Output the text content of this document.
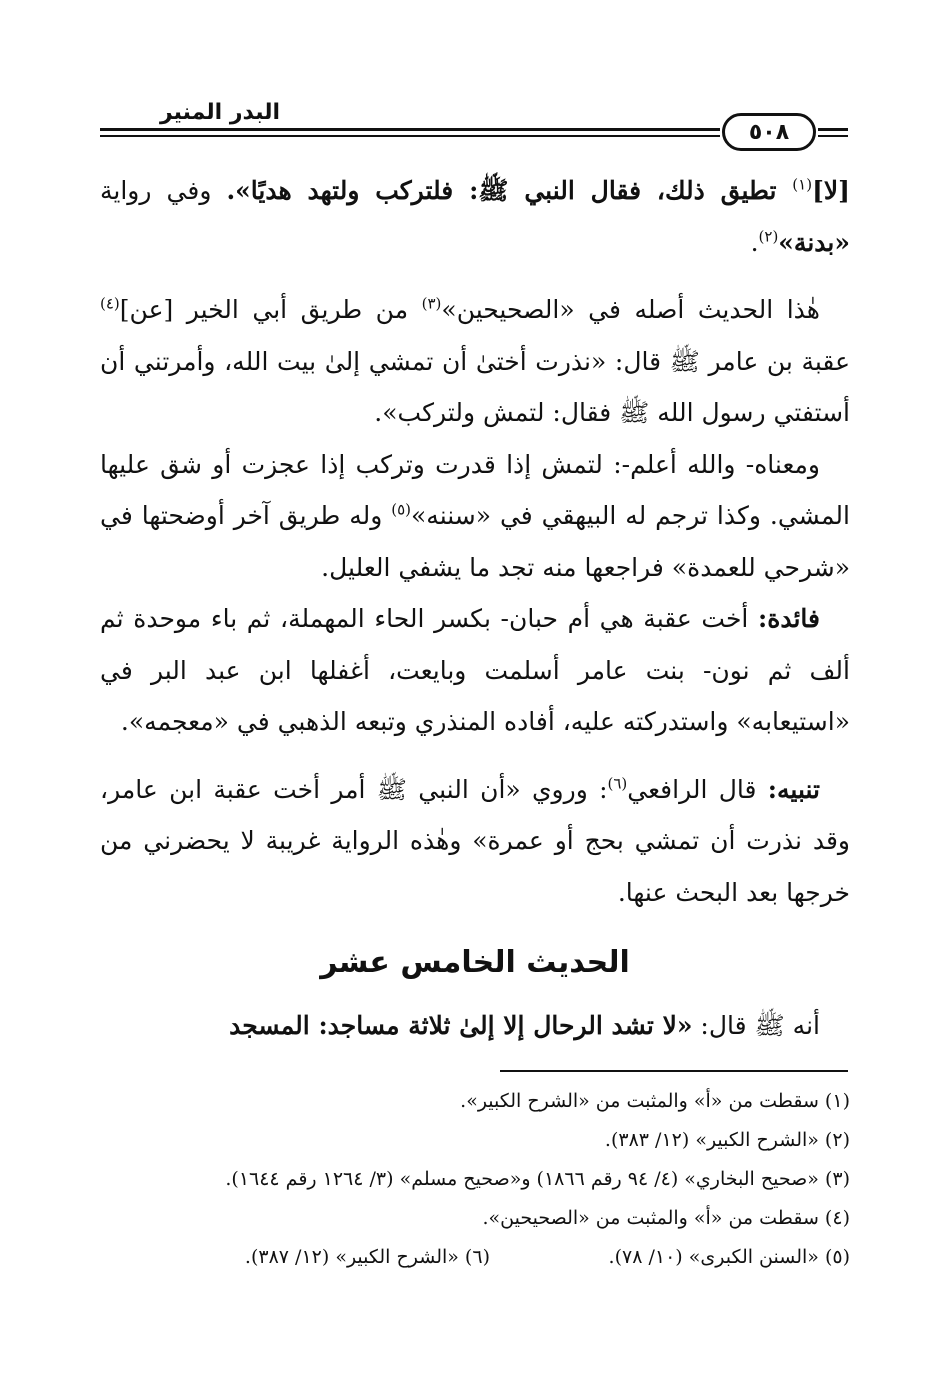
البدر المنير
٥٠٨

[لا]$^{(١)}$ تطيق ذلك، فقال النبي ﷺ: فلتركب ولتهد هديًا». وفي رواية «بدنة»$^{(٢)}$.

هٰذا الحديث أصله في «الصحيحين»$^{(٣)}$ من طريق أبي الخير [عن]$^{(٤)}$ عقبة بن عامر ﷺ قال: «نذرت أختىٰ أن تمشي إلىٰ بيت الله، وأمرتني أن أستفتي رسول الله ﷺ فقال: لتمش ولتركب».

ومعناه- والله أعلم-: لتمش إذا قدرت وتركب إذا عجزت أو شق عليها المشي. وكذا ترجم له البيهقي في «سننه»$^{(٥)}$ وله طريق آخر أوضحتها في «شرحي للعمدة» فراجعها منه تجد ما يشفي العليل.

فائدة: أخت عقبة هي أم حبان- بكسر الحاء المهملة، ثم باء موحدة ثم ألف ثم نون- بنت عامر أسلمت وبايعت، أغفلها ابن عبد البر في «استيعابه» واستدركته عليه، أفاده المنذري وتبعه الذهبي في «معجمه».

تنبيه: قال الرافعي$^{(٦)}$: وروي «أن النبي ﷺ أمر أخت عقبة ابن عامر، وقد نذرت أن تمشي بحج أو عمرة» وهٰذه الرواية غريبة لا يحضرني من خرجها بعد البحث عنها.

الحديث الخامس عشر
أنه ﷺ قال: «لا تشد الرحال إلا إلىٰ ثلاثة مساجد: المسجد
(١) سقطت من «أ» والمثبت من «الشرح الكبير».
(٢) «الشرح الكبير» (١٢/ ٣٨٣).
(٣) «صحيح البخاري» (٤/ ٩٤ رقم ١٨٦٦) و«صحيح مسلم» (٣/ ١٢٦٤ رقم ١٦٤٤).
(٤) سقطت من «أ» والمثبت من «الصحيحين».
(٥) «السنن الكبرى» (١٠/ ٧٨).
(٦) «الشرح الكبير» (١٢/ ٣٨٧).
